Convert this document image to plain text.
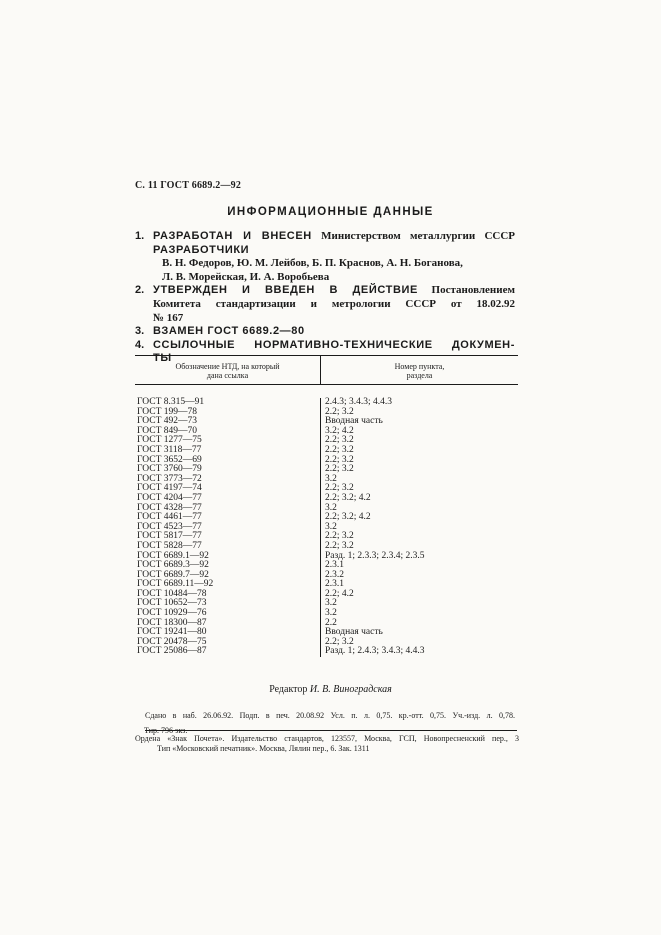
С. 11 ГОСТ 6689.2—92
ИНФОРМАЦИОННЫЕ ДАННЫЕ
1. РАЗРАБОТАН И ВНЕСЕН Министерством металлургии СССР
РАЗРАБОТЧИКИ
В. Н. Федоров, Ю. М. Лейбов, Б. П. Краснов, А. Н. Боганова,
Л. В. Морейская, И. А. Воробьева
2. УТВЕРЖДЕН И ВВЕДЕН В ДЕЙСТВИЕ Постановлением
Комитета стандартизации и метрологии СССР от 18.02.92
№ 167
3. ВЗАМЕН ГОСТ 6689.2—80
4. ССЫЛОЧНЫЕ НОРМАТИВНО-ТЕХНИЧЕСКИЕ ДОКУМЕН-
ТЫ
Обозначение НТД, на который
дана ссылка
Номер пункта,
раздела
ГОСТ 8.315—91
ГОСТ 199—78
ГОСТ 492—73
ГОСТ 849—70
ГОСТ 1277—75
ГОСТ 3118—77
ГОСТ 3652—69
ГОСТ 3760—79
ГОСТ 3773—72
ГОСТ 4197—74
ГОСТ 4204—77
ГОСТ 4328—77
ГОСТ 4461—77
ГОСТ 4523—77
ГОСТ 5817—77
ГОСТ 5828—77
ГОСТ 6689.1—92
ГОСТ 6689.3—92
ГОСТ 6689.7—92
ГОСТ 6689.11—92
ГОСТ 10484—78
ГОСТ 10652—73
ГОСТ 10929—76
ГОСТ 18300—87
ГОСТ 19241—80
ГОСТ 20478—75
ГОСТ 25086—87
2.4.3; 3.4.3; 4.4.3
2.2; 3.2
Вводная часть
3.2; 4.2
2.2; 3.2
2.2; 3.2
2.2; 3.2
2.2; 3.2
3.2
2.2; 3.2
2.2; 3.2; 4.2
3.2
2.2; 3.2; 4.2
3.2
2.2; 3.2
2.2; 3.2
Разд. 1; 2.3.3; 2.3.4; 2.3.5
2.3.1
2.3.2
2.3.1
2.2; 4.2
3.2
3.2
2.2
Вводная часть
2.2; 3.2
Разд. 1; 2.4.3; 3.4.3; 4.4.3
Редактор И. В. Виноградская
Сдано в наб. 26.06.92. Подп. в печ. 20.08.92 Усл. п. л. 0,75. кр.-отт. 0,75. Уч.-изд. л. 0,78.
Тир. 796 экз.
Ордена «Знак Почета». Издательство стандартов, 123557, Москва, ГСП, Новопресненский пер., 3
Тип «Московский печатник». Москва, Лялин пер., 6. Зак. 1311
